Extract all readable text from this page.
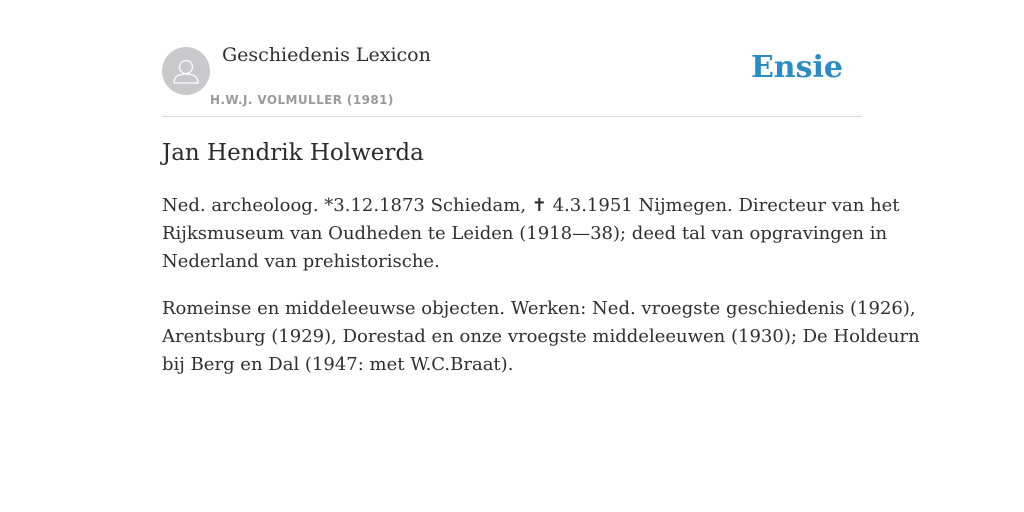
Geschiedenis Lexicon
H.W.J. VOLMULLER (1981)
Ensie
Jan Hendrik Holwerda

Ned. archeoloog. *3.12.1873 Schiedam, ✝ 4.3.1951 Nijmegen. Directeur van het
Rijksmuseum van Oudheden te Leiden (1918—38); deed tal van opgravingen in
Nederland van prehistorische.

Romeinse en middeleeuwse objecten. Werken: Ned. vroegste geschiedenis (1926),
Arentsburg (1929), Dorestad en onze vroegste middeleeuwen (1930); De Holdeurn
bij Berg en Dal (1947: met W.C.Braat).
